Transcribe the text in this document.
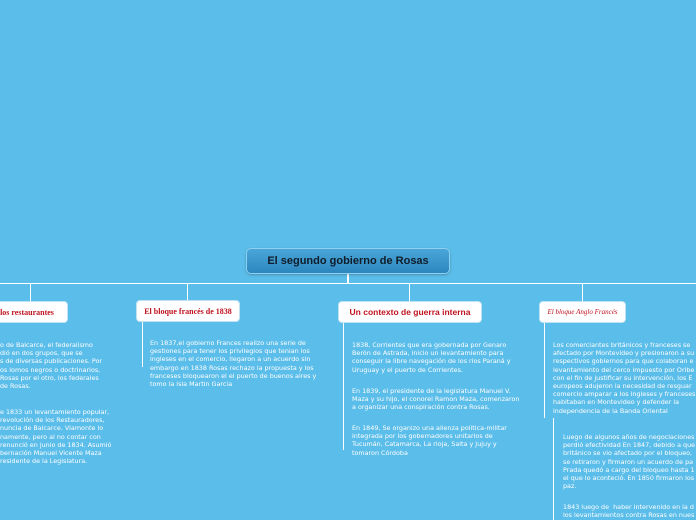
El segundo gobierno de Rosas
los restaurantes	El bloque francés de 1838	Un contexto de guerra interna	El bloque Anglo Francés
o de Balcarce, el federalismo
dió en dos grupos, que se
s de diversas publicaciones. Por
os lomos negros o doctrinarios,
Rosas por el otro, los federales
de Rosas.
e 1833 un levantamiento popular,
revolución de los Restauradores,
nuncia de Balcarce. Viamonte lo
namente, pero al no contar con
renunció en junio de 1834. Asumió
bernación Manuel Vicente Maza
residente de la Legislatura.
En 1837,el gobierno Frances realizo una serie de
gestiones para tener los privilegios que tenian los
ingleses en el comercio, llegaron a un acuerdo sin
embargo en 1838 Rosas rechazo la propuesta y los
franceses bloquearon el el puerto de buenos aires y
tomo la isla Martin Garcia
1838, Corrientes que era gobernada por Genaro
Berón de Astrada, inicio un levantamiento para
conseguir la libre navegación de los ríos Paraná y
Uruguay y el puerto de Corrientes.
En 1839, el presidente de la legislatura Manuel V.
Maza y su hijo, el conorel Ramon Maza, comenzaron
a organizar una conspiración contra Rosas.
En 1849, Se organizo una alienza politica-militar
integrada por los gobernadores unitarios de
Tucumán, Catamarca, La rioja, Salta y Jujuy y
tomaron Córdoba
Los comerciantes británicos y franceses se
afectado por Montevideo y presionaron a su
respectivos gobiernos para que colaboran e
levantamiento del cerco impuesto por Oribe
con el fin de justificar su intervención, los E
europeos adujeron la necesidad de resguar
comercio amparar a los ingleses y franceses
habitaban en Montevideo y defender la
independencia de la Banda Oriental
Luego de algunos años de negociaciones
perdió efectividad En 1847, debido a que
británico se vio afectado por el bloqueo,
se retiraron y firmaron un acuerdo de pa
Prada quedó a cargo del bloqueo hasta 1
el que lo aconteció. En 1850 firmaron los
paz.
1843 luego de  haber intervenido en la d
los levantamientos contra Rosas en nues
